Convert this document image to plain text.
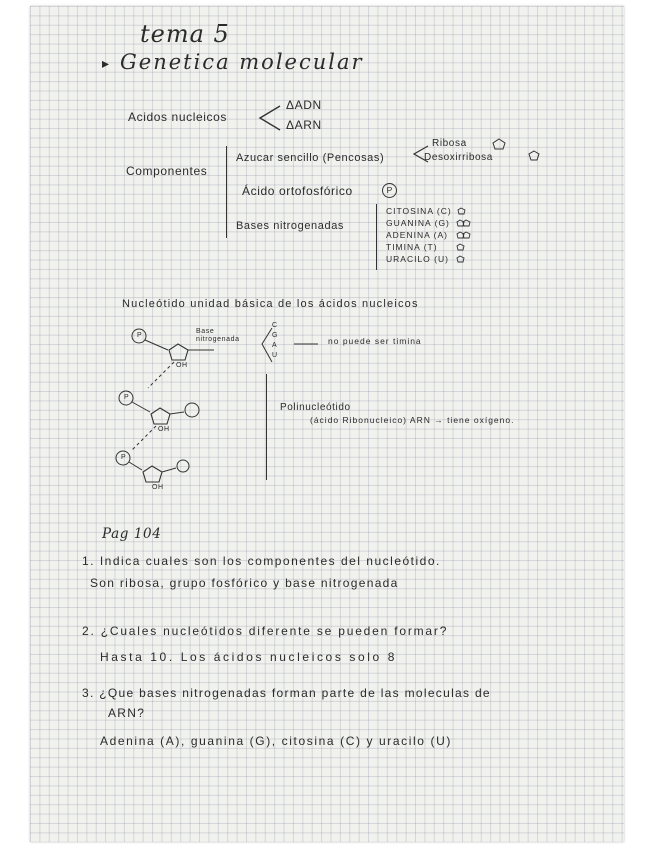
tema 5
▸ Genetica molecular
Acidos nucleicos
ΔADN
ΔARN
Componentes
Azucar sencillo (Pencosas)
Ribosa
Desoxirribosa
Ácido ortofosfórico	P
Bases nitrogenadas
CITOSINA (C)
GUANINA (G)
ADENINA (A)
TIMINA (T)
URACILO (U)
Nucleótido unidad básica de los ácidos nucleicos
P
P
P
OH
OH
OH
Base nitrogenada
C
G
A
U
no puede ser timina
Polinucleótido
(ácido Ribonucleico) ARN → tiene oxígeno.
Pag 104
1. Indica cuales son los componentes del nucleótido.
Son ribosa, grupo fosfórico y base nitrogenada
2. ¿Cuales nucleótidos diferente se pueden formar?
Hasta 10. Los ácidos nucleicos solo 8
3. ¿Que bases nitrogenadas forman parte de las moleculas de
ARN?
Adenina (A), guanina (G), citosina (C) y uracilo (U)
